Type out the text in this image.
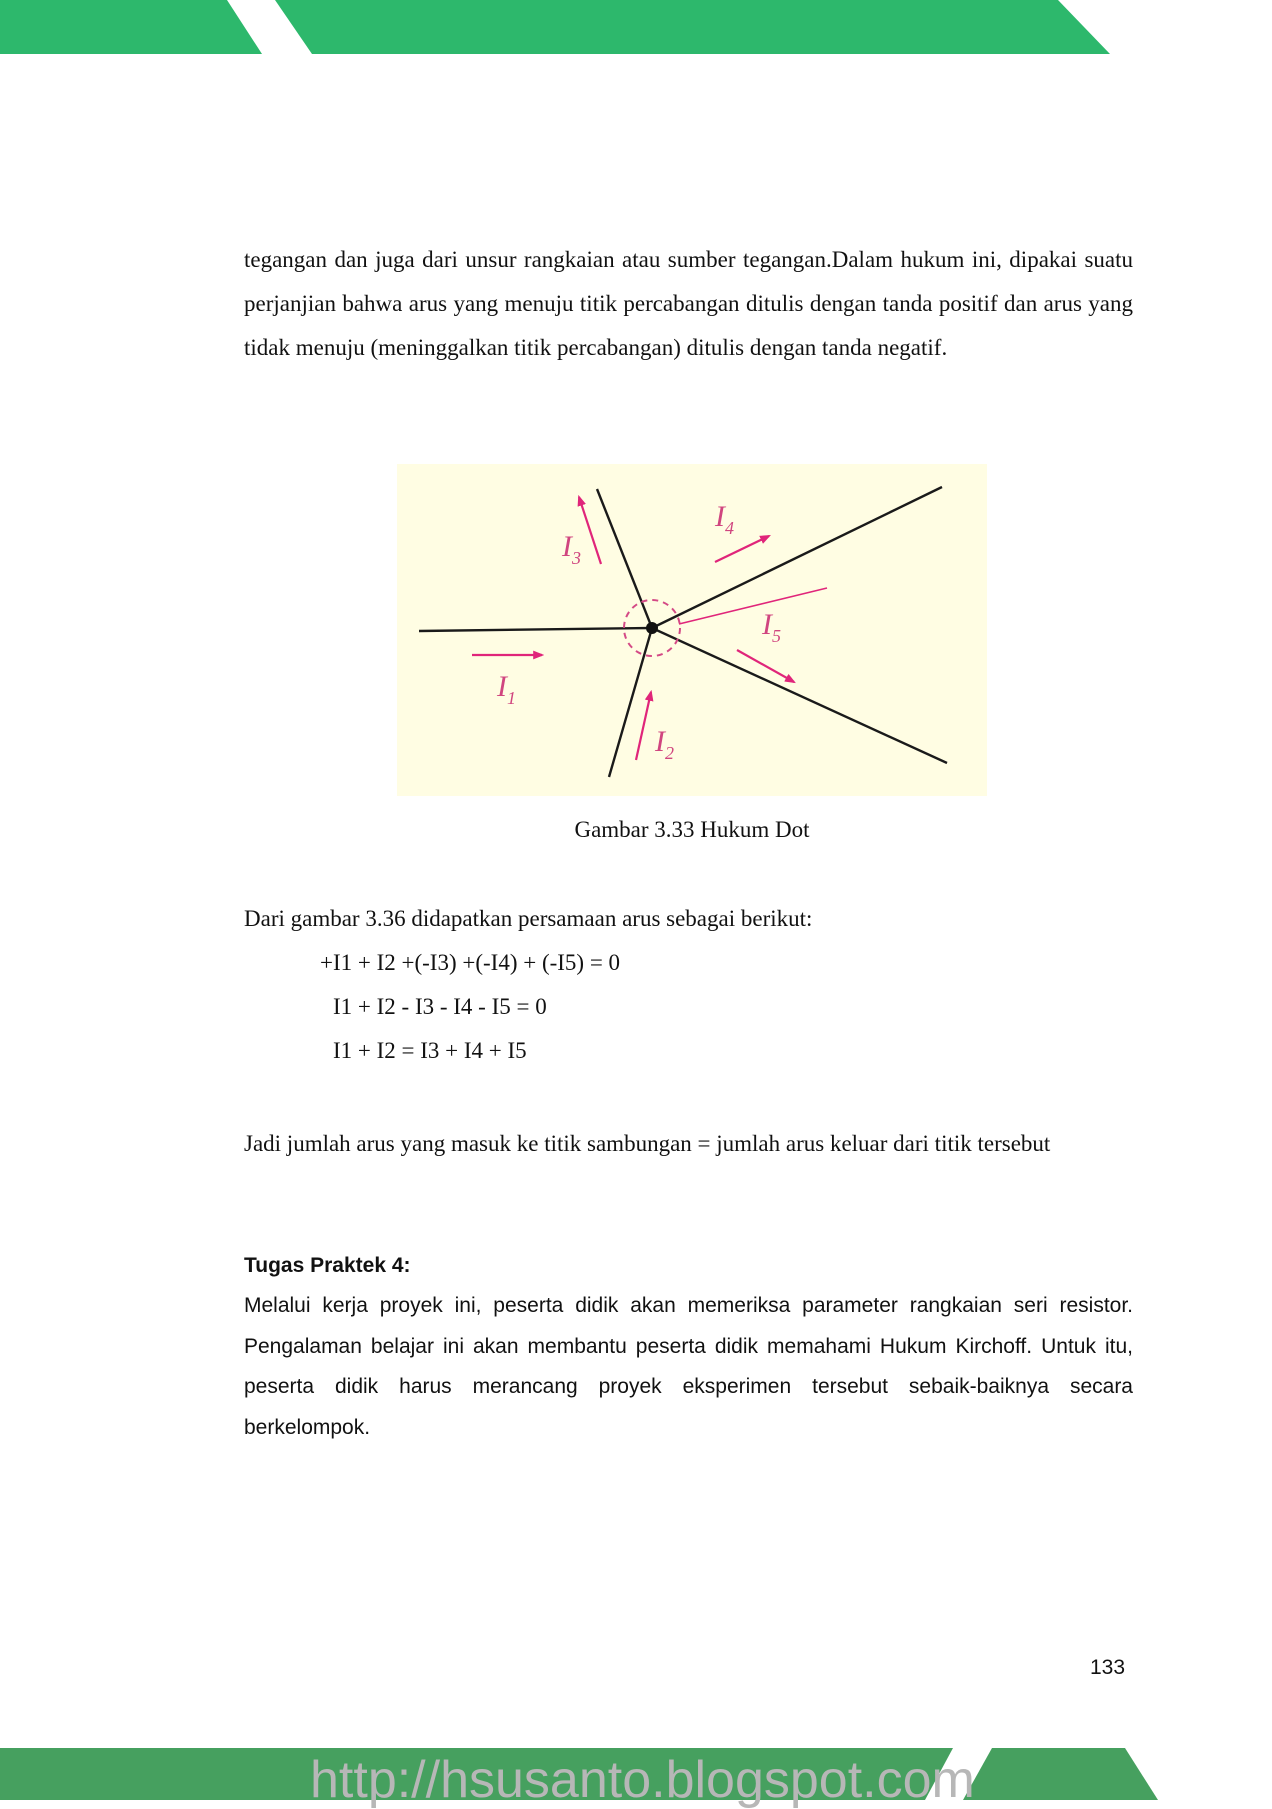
tegangan dan juga dari unsur rangkaian atau sumber tegangan.Dalam hukum ini, dipakai suatu perjanjian bahwa arus yang menuju titik percabangan ditulis dengan tanda positif dan arus yang tidak menuju (meninggalkan titik percabangan) ditulis dengan tanda negatif.

$I_1$
$I_2$
$I_3$
$I_4$
$I_5$
Gambar 3.33 Hukum Dot
Dari gambar 3.36 didapatkan persamaan arus sebagai berikut:
+I1 + I2 +(-I3) +(-I4) + (-I5) = 0
I1 + I2 - I3 - I4 - I5 = 0
I1 + I2 = I3 + I4 + I5

Jadi jumlah arus yang masuk ke titik sambungan = jumlah arus keluar dari titik tersebut

Tugas Praktek 4:

Melalui kerja proyek ini, peserta didik akan memeriksa parameter rangkaian seri resistor. Pengalaman belajar ini akan membantu peserta didik memahami Hukum Kirchoff. Untuk itu, peserta didik harus merancang proyek eksperimen tersebut sebaik-baiknya secara berkelompok.

133
http://hsusanto.blogspot.com
